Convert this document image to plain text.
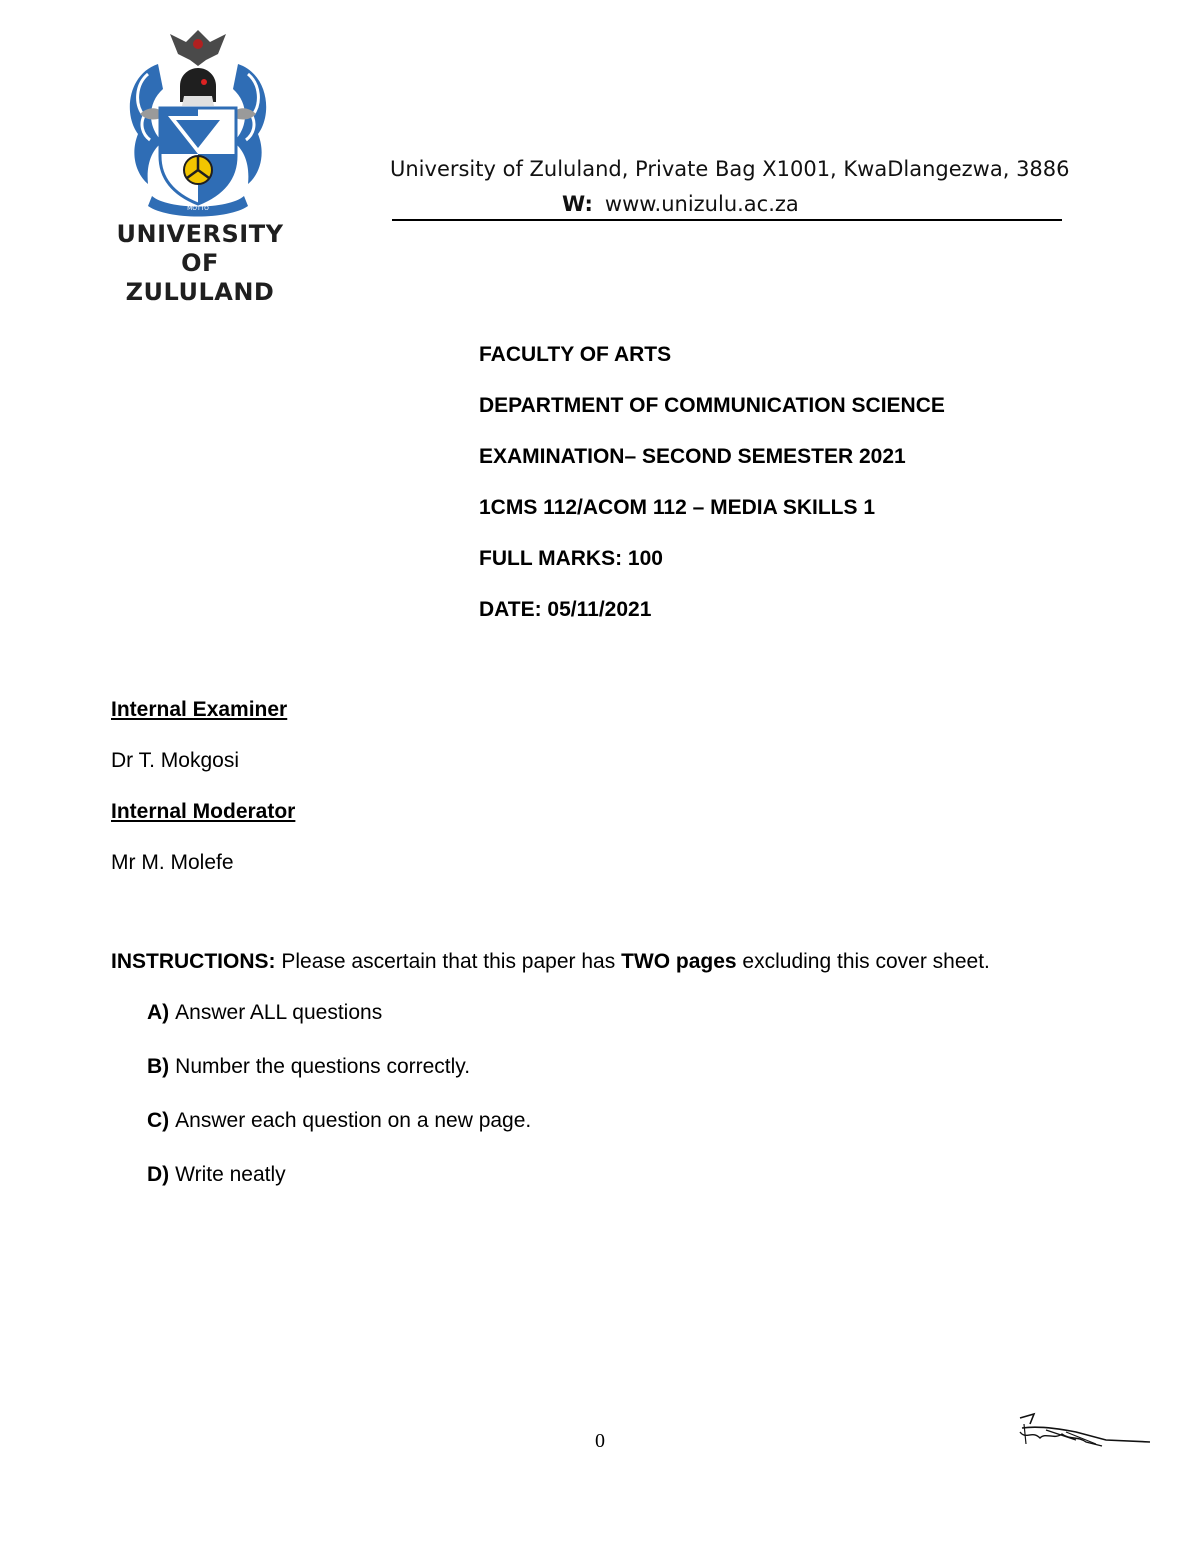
MOTTO
UNIVERSITY OF
ZULULAND
University of Zululand, Private Bag X1001, KwaDlangezwa, 3886
W: www.unizulu.ac.za
FACULTY OF ARTS
DEPARTMENT OF COMMUNICATION SCIENCE
EXAMINATION– SECOND SEMESTER 2021
1CMS 112/ACOM 112 – MEDIA SKILLS 1
FULL MARKS: 100
DATE: 05/11/2021
Internal Examiner
Dr T. Mokgosi
Internal Moderator
Mr M. Molefe
INSTRUCTIONS: Please ascertain that this paper has TWO pages excluding this cover sheet.
A) Answer ALL questions
B) Number the questions correctly.
C) Answer each question on a new page.
D) Write neatly
0
